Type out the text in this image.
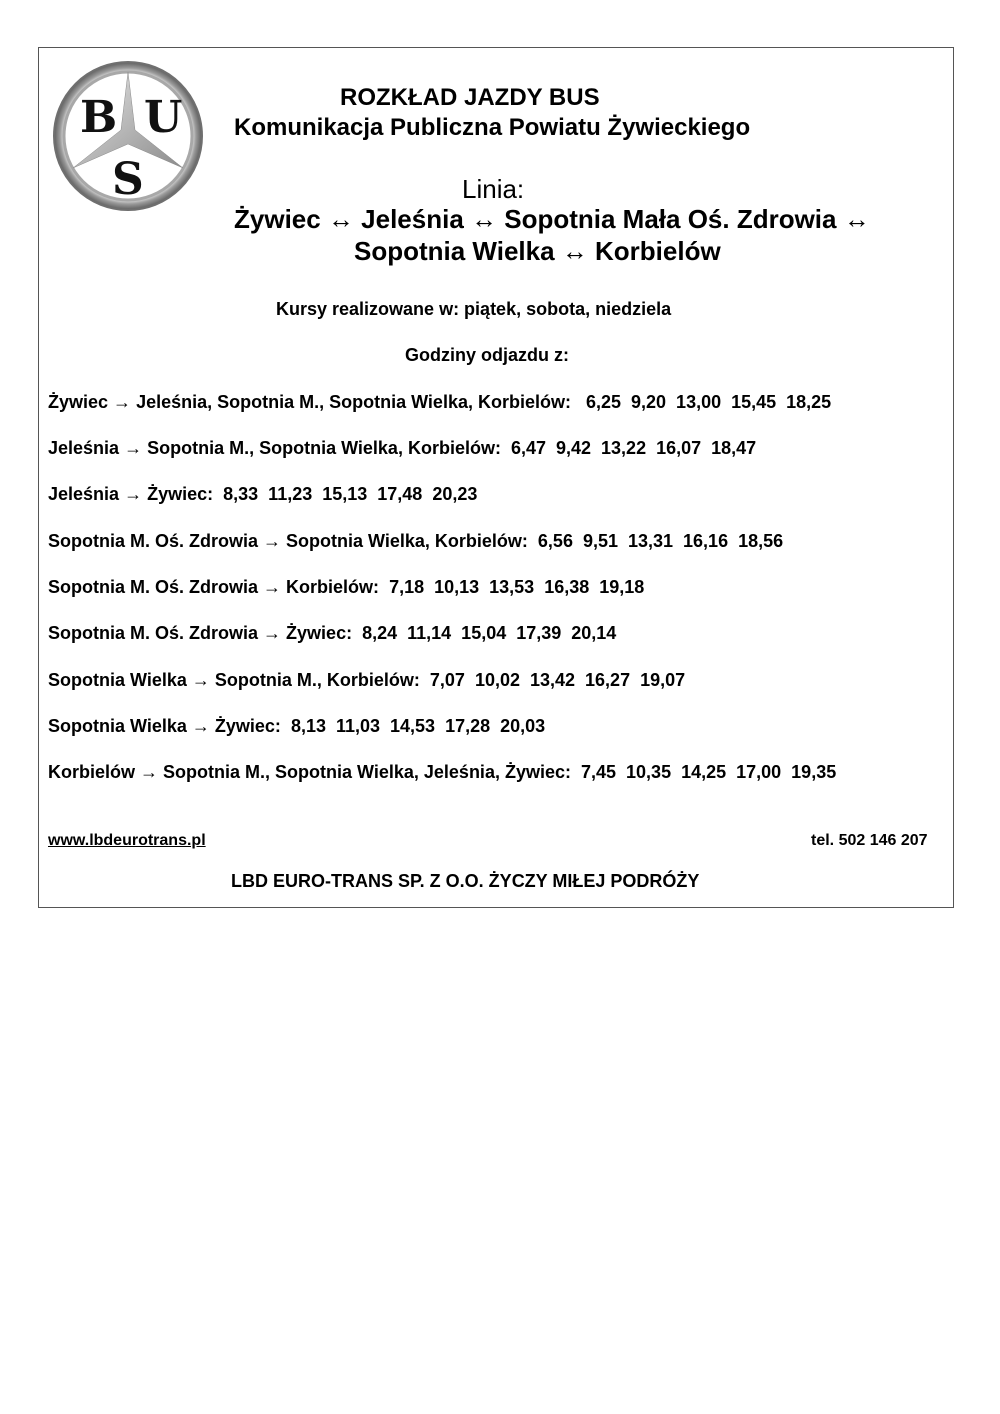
B U
S
ROZKŁAD JAZDY BUS
Komunikacja Publiczna Powiatu Żywieckiego
Linia:
Żywiec ↔ Jeleśnia ↔ Sopotnia Mała Oś. Zdrowia ↔
Sopotnia Wielka ↔ Korbielów
Kursy realizowane w: piątek, sobota, niedziela
Godziny odjazdu z:
Żywiec → Jeleśnia, Sopotnia M., Sopotnia Wielka, Korbielów: 6,25  9,20  13,00  15,45  18,25
Jeleśnia → Sopotnia M., Sopotnia Wielka, Korbielów: 6,47  9,42  13,22  16,07  18,47
Jeleśnia → Żywiec: 8,33  11,23  15,13  17,48  20,23
Sopotnia M. Oś. Zdrowia → Sopotnia Wielka, Korbielów: 6,56  9,51  13,31  16,16  18,56
Sopotnia M. Oś. Zdrowia → Korbielów: 7,18  10,13  13,53  16,38  19,18
Sopotnia M. Oś. Zdrowia → Żywiec: 8,24  11,14  15,04  17,39  20,14
Sopotnia Wielka → Sopotnia M., Korbielów: 7,07  10,02  13,42  16,27  19,07
Sopotnia Wielka → Żywiec: 8,13  11,03  14,53  17,28  20,03
Korbielów → Sopotnia M., Sopotnia Wielka, Jeleśnia, Żywiec: 7,45  10,35  14,25  17,00  19,35
www.lbdeurotrans.pl	tel. 502 146 207
LBD EURO-TRANS SP. Z O.O. ŻYCZY MIŁEJ PODRÓŻY
